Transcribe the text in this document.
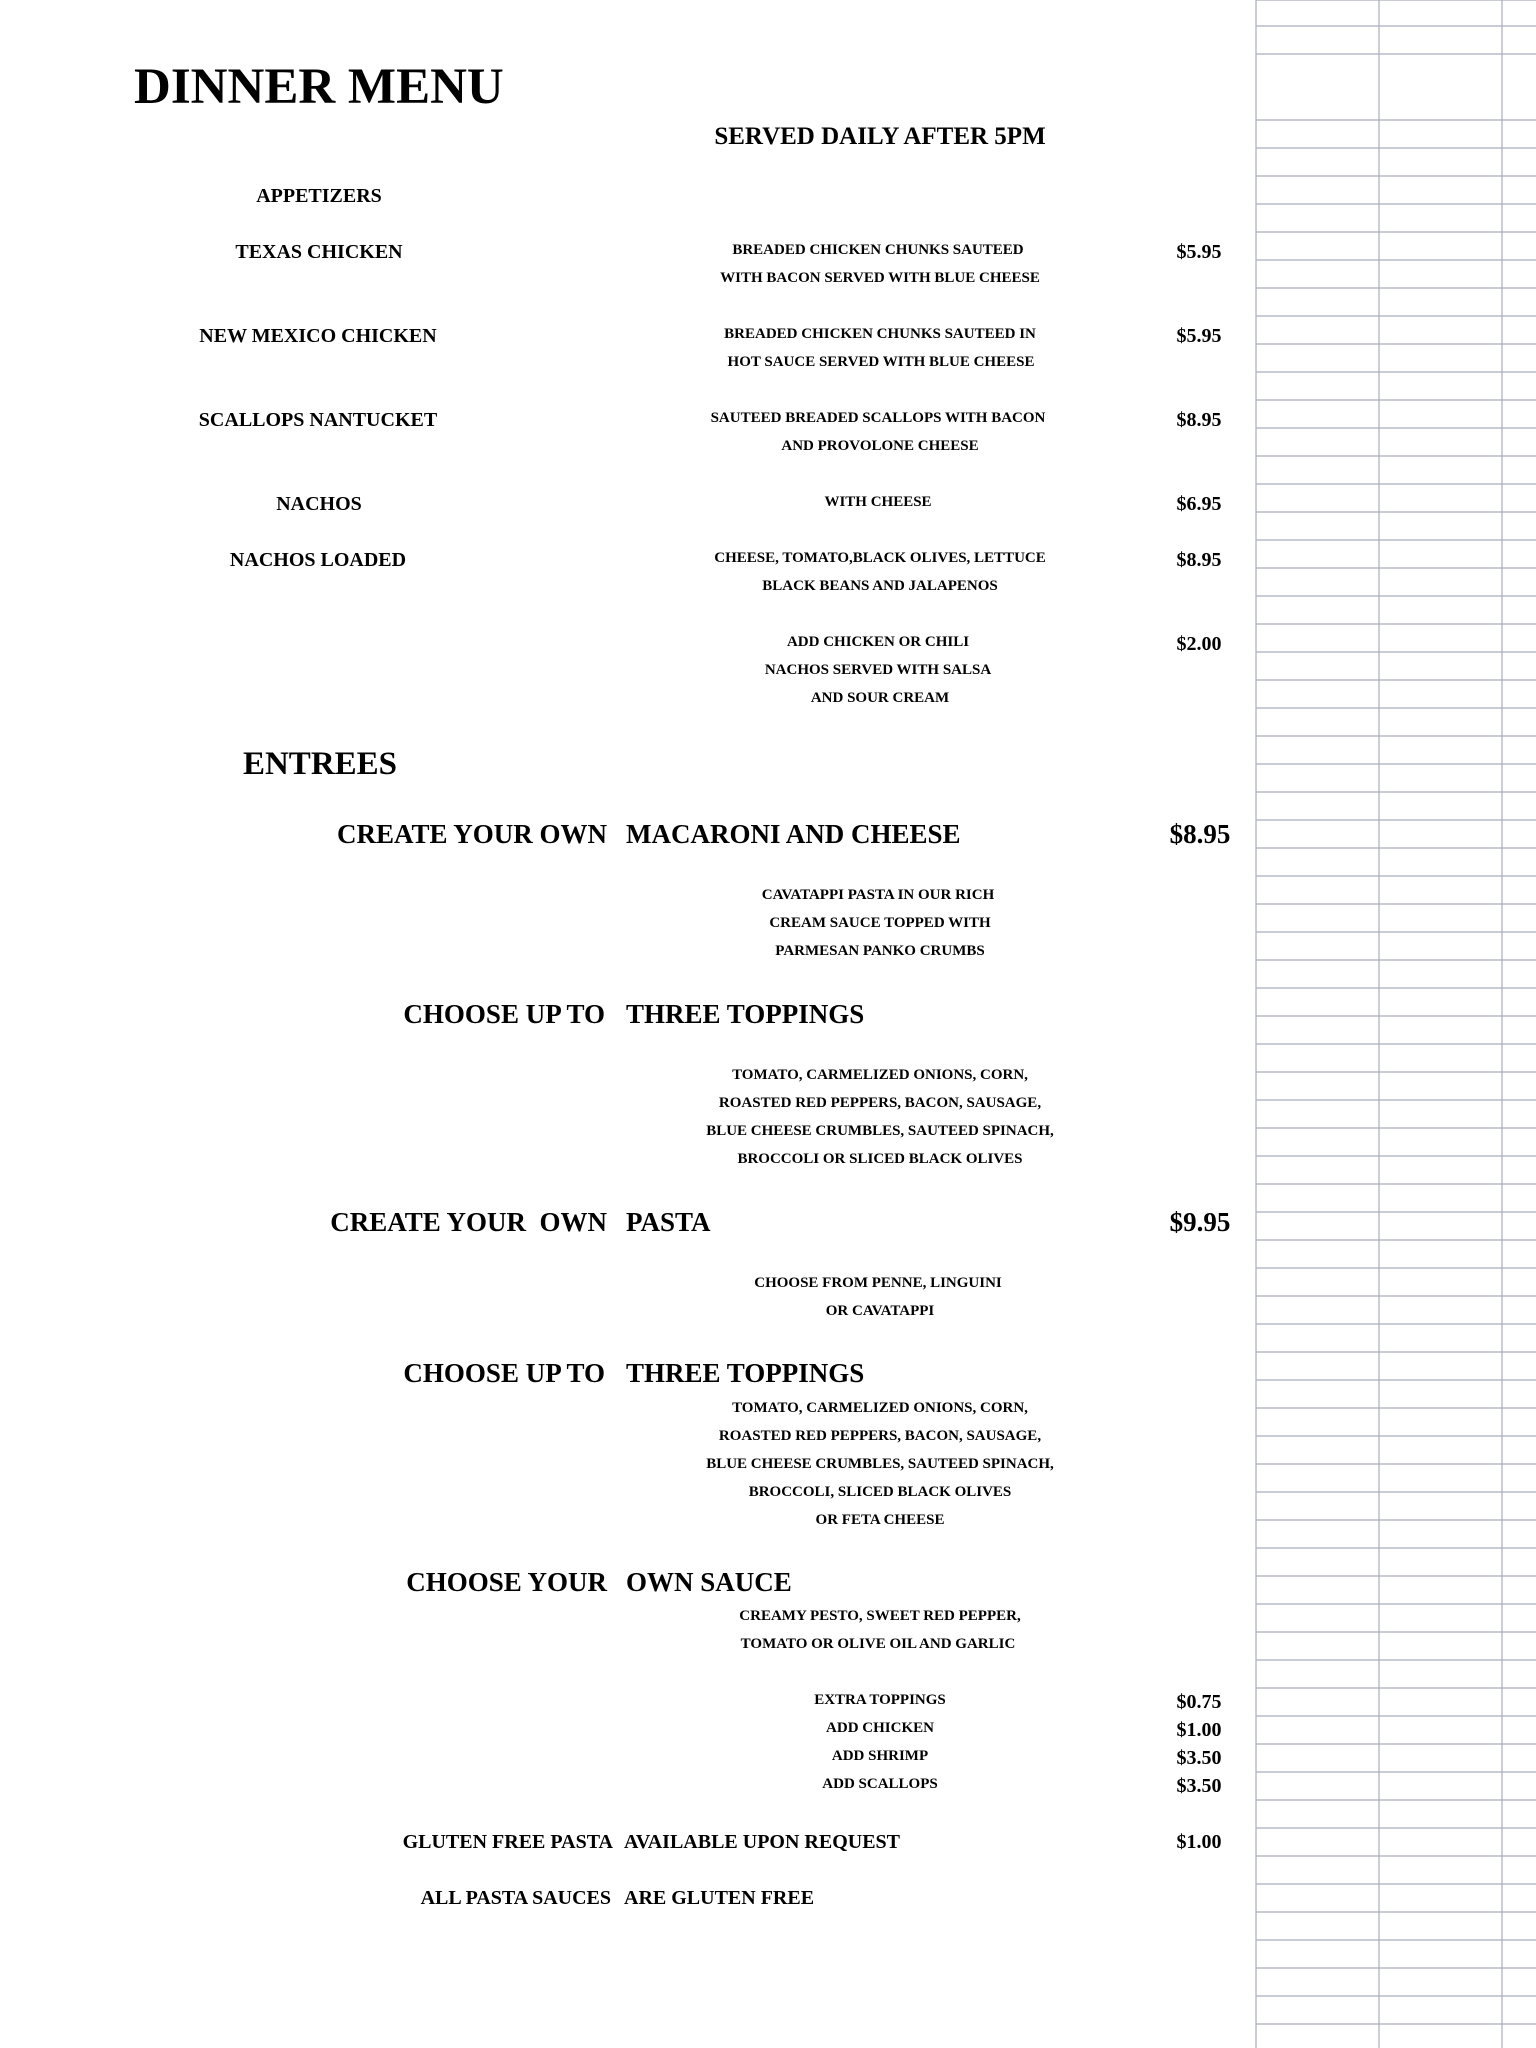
DINNER MENU
SERVED DAILY AFTER 5PM
APPETIZERS
TEXAS CHICKEN	BREADED CHICKEN CHUNKS SAUTEED
WITH BACON SERVED WITH BLUE CHEESE
$5.95
NEW MEXICO CHICKEN	BREADED CHICKEN CHUNKS SAUTEED IN
HOT SAUCE SERVED WITH BLUE CHEESE
$5.95
SCALLOPS NANTUCKET	SAUTEED BREADED SCALLOPS WITH BACON
AND PROVOLONE CHEESE
$8.95
NACHOS	WITH CHEESE	$6.95
NACHOS LOADED	CHEESE, TOMATO,BLACK OLIVES, LETTUCE
BLACK BEANS AND JALAPENOS
$8.95
ADD CHICKEN OR CHILI
NACHOS SERVED WITH SALSA
AND SOUR CREAM
$2.00
ENTREES
CREATE YOUR OWN MACARONI AND CHEESE	$8.95
CAVATAPPI PASTA IN OUR RICH
CREAM SAUCE TOPPED WITH
PARMESAN PANKO CRUMBS
CHOOSE UP TO THREE TOPPINGS
TOMATO, CARMELIZED ONIONS, CORN,
ROASTED RED PEPPERS, BACON, SAUSAGE,
BLUE CHEESE CRUMBLES, SAUTEED SPINACH,
BROCCOLI OR SLICED BLACK OLIVES
CREATE YOUR  OWN PASTA	$9.95
CHOOSE FROM PENNE, LINGUINI
OR CAVATAPPI
CHOOSE UP TO THREE TOPPINGS
TOMATO, CARMELIZED ONIONS, CORN,
ROASTED RED PEPPERS, BACON, SAUSAGE,
BLUE CHEESE CRUMBLES, SAUTEED SPINACH,
BROCCOLI, SLICED BLACK OLIVES
OR FETA CHEESE
CHOOSE YOUR OWN SAUCE
CREAMY PESTO, SWEET RED PEPPER,
TOMATO OR OLIVE OIL AND GARLIC
EXTRA TOPPINGS	$0.75
ADD CHICKEN	$1.00
ADD SHRIMP	$3.50
ADD SCALLOPS	$3.50
GLUTEN FREE PASTA AVAILABLE UPON REQUEST	$1.00
ALL PASTA SAUCES ARE GLUTEN FREE
